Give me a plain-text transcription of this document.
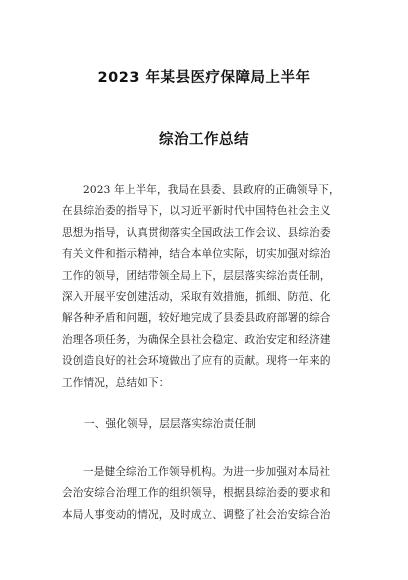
2023 年某县医疗保障局上半年
综治工作总结
2023 年上半年，我局在县委、县政府的正确领导下，
在县综治委的指导下，以习近平新时代中国特色社会主义
思想为指导，认真贯彻落实全国政法工作会议、县综治委
有关文件和指示精神，结合本单位实际，切实加强对综治
工作的领导，团结带领全局上下，层层落实综治责任制，
深入开展平安创建活动，采取有效措施，抓细、防范、化
解各种矛盾和问题，较好地完成了县委县政府部署的综合
治理各项任务，为确保全县社会稳定、政治安定和经济建
设创造良好的社会环境做出了应有的贡献。现将一年来的
工作情况，总结如下：
一、强化领导，层层落实综治责任制
一是健全综治工作领导机构。为进一步加强对本局社
会治安综合治理工作的组织领导，根据县综治委的要求和
本局人事变动的情况，及时成立、调整了社会治安综合治
